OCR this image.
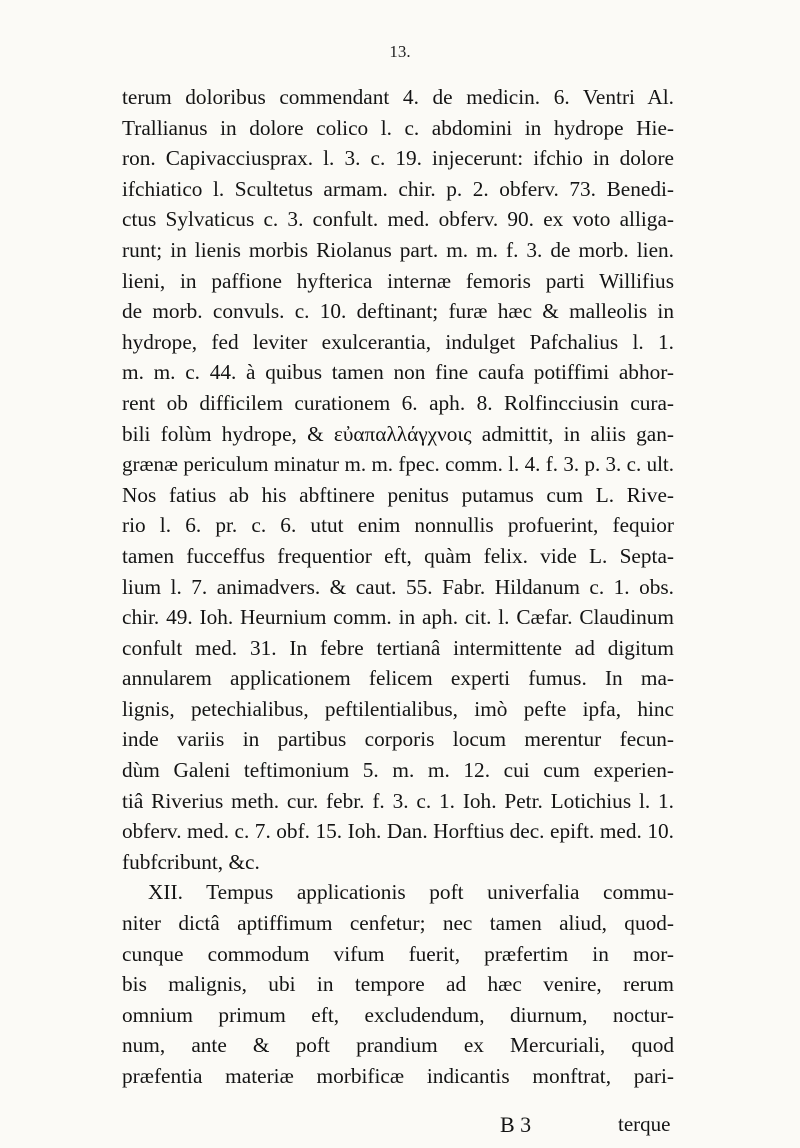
13.
terum doloribus commendant 4. de medicin. 6. Ventri Al.
Trallianus in dolore colico l. c. abdomini in hydrope Hie-
ron. Capivacciusprax. l. 3. c. 19. injecerunt: ifchio in dolore
ifchiatico l. Scultetus armam. chir. p. 2. obferv. 73. Benedi-
ctus Sylvaticus c. 3. confult. med. obferv. 90. ex voto alliga-
runt; in lienis morbis Riolanus part. m. m. f. 3. de morb. lien.
lieni, in paffione hyfterica internæ femoris parti Willifius
de morb. convuls. c. 10. deftinant; furæ hæc & malleolis in
hydrope, fed leviter exulcerantia, indulget Pafchalius l. 1.
m. m. c. 44. à quibus tamen non fine caufa potiffimi abhor-
rent ob difficilem curationem 6. aph. 8. Rolfincciusin cura-
bili folùm hydrope, & εὐαπαλλάγχνοις admittit, in aliis gan-
grænæ periculum minatur m. m. fpec. comm. l. 4. f. 3. p. 3. c. ult.
Nos fatius ab his abftinere penitus putamus cum L. Rive-
rio l. 6. pr. c. 6. utut enim nonnullis profuerint, fequior
tamen fucceffus frequentior eft, quàm felix. vide L. Septa-
lium l. 7. animadvers. & caut. 55. Fabr. Hildanum c. 1. obs.
chir. 49. Ioh. Heurnium comm. in aph. cit. l. Cæfar. Claudinum
confult med. 31. In febre tertianâ intermittente ad digitum
annularem applicationem felicem experti fumus. In ma-
lignis, petechialibus, peftilentialibus, imò pefte ipfa, hinc
inde variis in partibus corporis locum merentur fecun-
dùm Galeni teftimonium 5. m. m. 12. cui cum experien-
tiâ Riverius meth. cur. febr. f. 3. c. 1. Ioh. Petr. Lotichius l. 1.
obferv. med. c. 7. obf. 15. Ioh. Dan. Horftius dec. epift. med. 10.
fubfcribunt, &c.
XII. Tempus applicationis poft univerfalia commu-
niter dictâ aptiffimum cenfetur; nec tamen aliud, quod-
cunque commodum vifum fuerit, præfertim in mor-
bis malignis, ubi in tempore ad hæc venire, rerum
omnium primum eft, excludendum, diurnum, noctur-
num, ante & poft prandium ex Mercuriali, quod
præfentia materiæ morbificæ indicantis monftrat, pari-
B 3	terque
